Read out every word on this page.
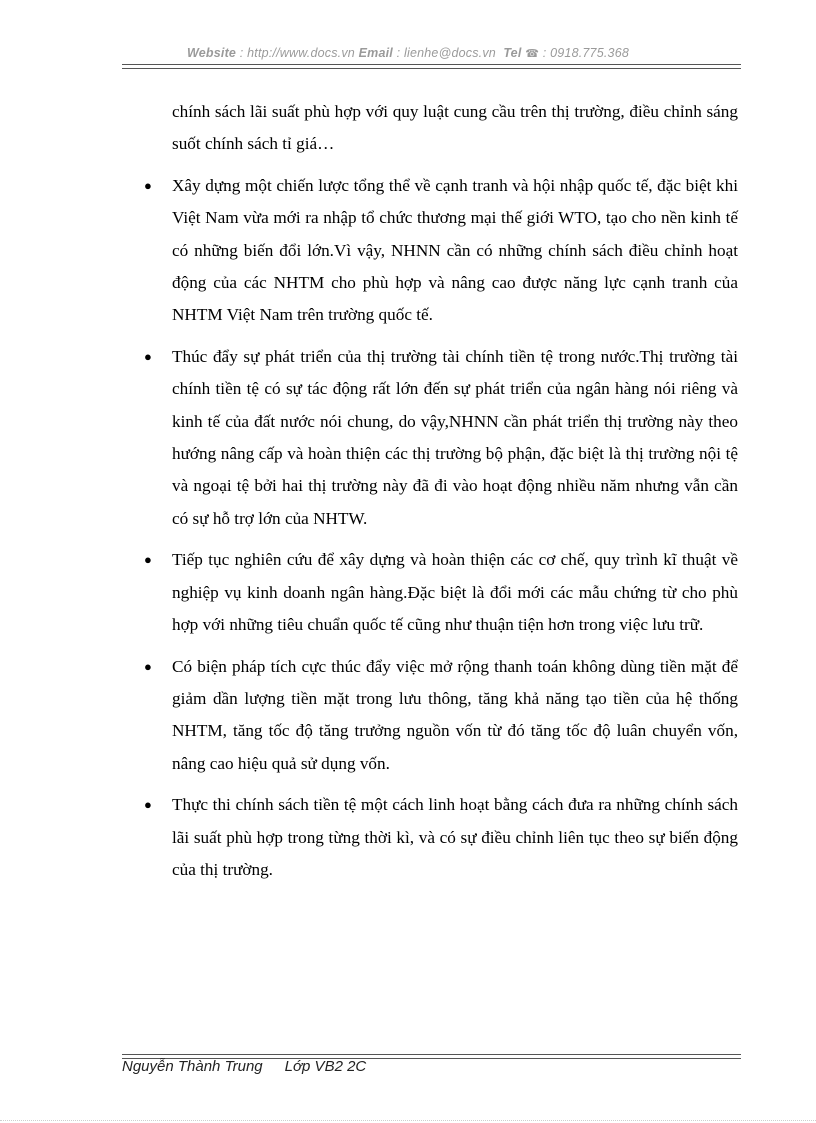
Website : http://www.docs.vn Email : lienhe@docs.vn Tel ☎ : 0918.775.368

chính sách lãi suất phù hợp với quy luật cung cầu trên thị trường, điều chỉnh sáng suốt chính sách tỉ giá…

● Xây dựng một chiến lược tổng thể về cạnh tranh và hội nhập quốc tế, đặc biệt khi Việt Nam vừa mới ra nhập tổ chức thương mại thế giới WTO, tạo cho nền kinh tế có những biến đổi lớn.Vì vậy, NHNN cần có những chính sách điều chỉnh hoạt động của các NHTM cho phù hợp và nâng cao được năng lực cạnh tranh của NHTM Việt Nam trên trường quốc tế.

● Thúc đẩy sự phát triển của thị trường tài chính tiền tệ trong nước.Thị trường tài chính tiền tệ có sự tác động rất lớn đến sự phát triển của ngân hàng nói riêng và kinh tế của đất nước nói chung, do vậy,NHNN cần phát triển thị trường này theo hướng nâng cấp và hoàn thiện các thị trường bộ phận, đặc biệt là thị trường nội tệ và ngoại tệ bởi hai thị trường này đã đi vào hoạt động nhiều năm nhưng vẫn cần có sự hỗ trợ lớn của NHTW.

● Tiếp tục nghiên cứu để xây dựng và hoàn thiện các cơ chế, quy trình kĩ thuật về nghiệp vụ kinh doanh ngân hàng.Đặc biệt là đổi mới các mẫu chứng từ cho phù hợp với những tiêu chuẩn quốc tế cũng như thuận tiện hơn trong việc lưu trữ.

● Có biện pháp tích cực thúc đẩy việc mở rộng thanh toán không dùng tiền mặt để giảm dần lượng tiền mặt trong lưu thông, tăng khả năng tạo tiền của hệ thống NHTM, tăng tốc độ tăng trưởng nguồn vốn từ đó tăng tốc độ luân chuyển vốn, nâng cao hiệu quả sử dụng vốn.

● Thực thi chính sách tiền tệ một cách linh hoạt bằng cách đưa ra những chính sách lãi suất phù hợp trong từng thời kì, và có sự điều chỉnh liên tục theo sự biến động của thị trường.

Nguyễn Thành Trung Lớp VB2 2C
